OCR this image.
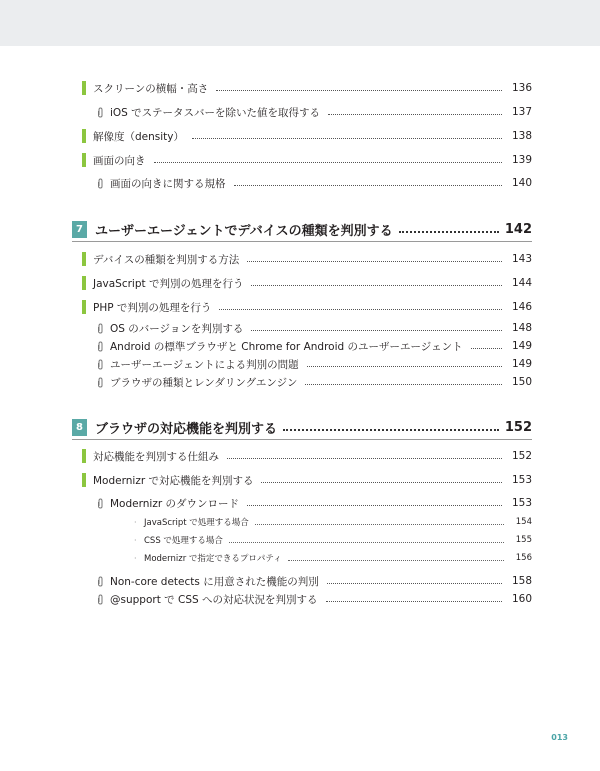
スクリーンの横幅・高さ	136
iOS でステータスバーを除いた値を取得する	137
解像度（density）	138
画面の向き	139
画面の向きに関する規格	140
7 ユーザーエージェントでデバイスの種類を判別する	142
デバイスの種類を判別する方法	143
JavaScript で判別の処理を行う	144
PHP で判別の処理を行う	146
OS のバージョンを判別する	148
Android の標準ブラウザと Chrome for Android のユーザーエージェント	149
ユーザーエージェントによる判別の問題	149
ブラウザの種類とレンダリングエンジン	150
8 ブラウザの対応機能を判別する	152
対応機能を判別する仕組み	152
Modernizr で対応機能を判別する	153
Modernizr のダウンロード	153
· JavaScript で処理する場合	154
· CSS で処理する場合	155
· Modernizr で指定できるプロパティ	156
Non-core detects に用意された機能の判別	158
@support で CSS への対応状況を判別する	160
013
